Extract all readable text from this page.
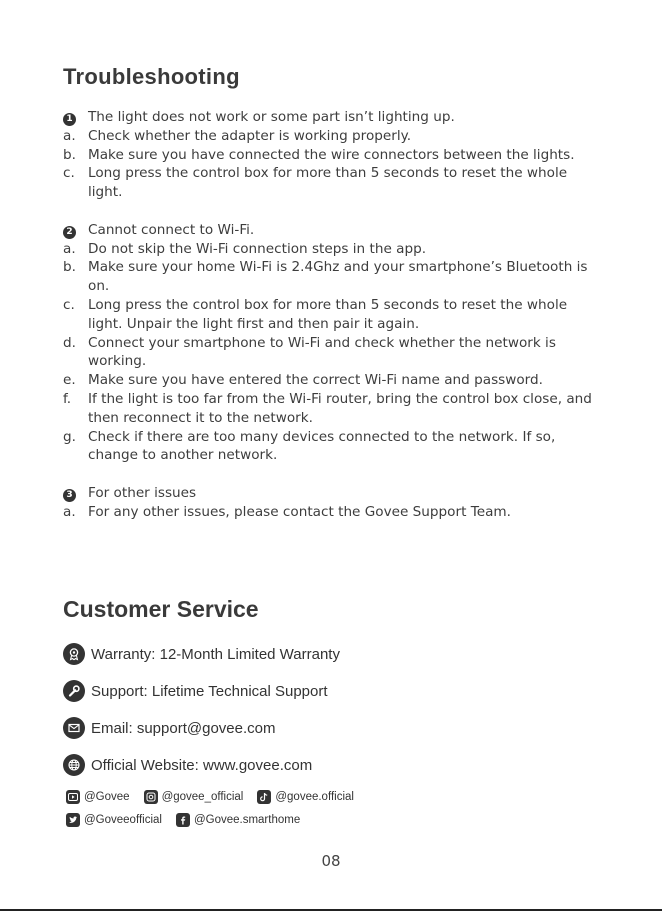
Troubleshooting
1	The light does not work or some part isn’t lighting up.
a. Check whether the adapter is working properly.
b. Make sure you have connected the wire connectors between the lights.
c. Long press the control box for more than 5 seconds to reset the whole light.
2	Cannot connect to Wi-Fi.
a. Do not skip the Wi-Fi connection steps in the app.
b. Make sure your home Wi-Fi is 2.4Ghz and your smartphone’s Bluetooth is on.
c. Long press the control box for more than 5 seconds to reset the whole light. Unpair the light first and then pair it again.
d. Connect your smartphone to Wi-Fi and check whether the network is working.
e. Make sure you have entered the correct Wi-Fi name and password.
f.	If the light is too far from the Wi-Fi router, bring the control box close, and then reconnect it to the network.
g. Check if there are too many devices connected to the network. If so, change to another network.
3	For other issues
a. For any other issues, please contact the Govee Support Team.
Customer Service
Warranty: 12-Month Limited Warranty
Support: Lifetime Technical Support
Email: support@govee.com
Official Website: www.govee.com
@Govee	@govee_official	@govee.official
@Goveeofficial	@Govee.smarthome
08
